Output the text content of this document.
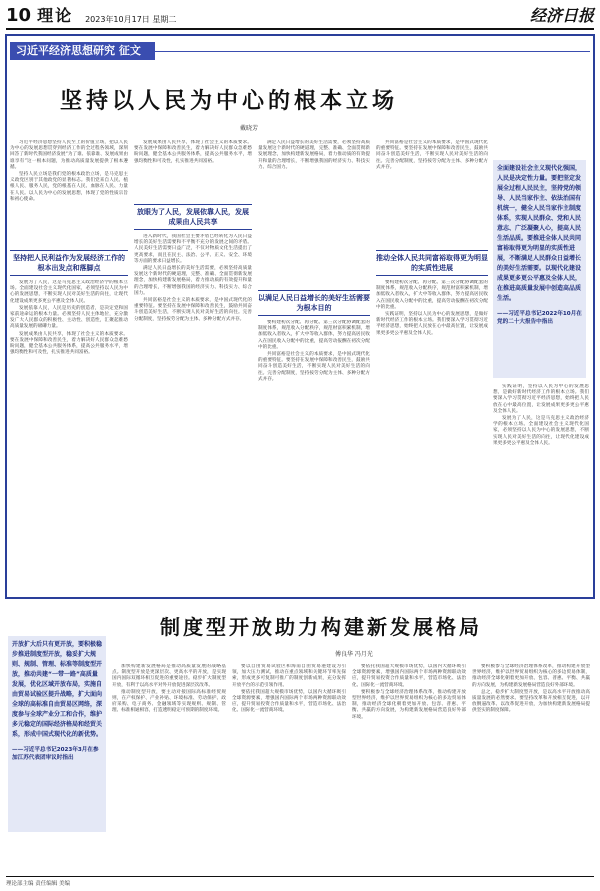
10 理论 2023年10月17日 星期二	经济日报
习近平经济思想研究 征文
坚持以人民为中心的根本立场
戴晓芳

习近平经济思想坚持人民至上的价值立场，把以人民为中心的发展思想贯穿到经济工作的全过程各领域，深刻回答了新时代我国经济发展“为了谁、依靠谁、发展成果由谁享有”这一根本问题，为推动高质量发展提供了根本遵循。

坚持人民立场是我们党的根本政治立场，是马克思主义政党区别于其他政党的显著标志。我们党来自人民、植根人民、服务人民，党的根基在人民、血脉在人民、力量在人民。以人民为中心的发展思想，体现了党的性质宗旨和初心使命。

坚持把人民利益作为发展经济工作的根本出发点和落脚点

发展为了人民，这是马克思主义政治经济学的根本立场。全面建设社会主义现代化国家，必须坚持以人民为中心的发展思想，不断实现人民对美好生活的向往，让现代化建设成果更多更公平惠及全体人民。

发展依靠人民，人民是历史的创造者，是决定党和国家前途命运的根本力量。必须坚持人民主体地位，充分激发广大人民群众的积极性、主动性、创造性，汇聚起推动高质量发展的磅礴力量。

发展成果由人民共享，体现了社会主义的本质要求。要在发展中保障和改善民生，着力解决好人民群众急难愁盼问题，健全基本公共服务体系，提高公共服务水平，增强均衡性和可及性，扎实推进共同富裕。

发展成果由人民共享，体现了社会主义的本质要求。要在发展中保障和改善民生，着力解决好人民群众急难愁盼问题，健全基本公共服务体系，提高公共服务水平，增强均衡性和可及性，扎实推进共同富裕。

放眼为了人民，发展依靠人民，发展成果由人民共享

进入新时代，我国社会主要矛盾已经转化为人民日益增长的美好生活需要和不平衡不充分的发展之间的矛盾。人民美好生活需要日益广泛，不仅对物质文化生活提出了更高要求，而且在民主、法治、公平、正义、安全、环境等方面的要求日益增长。

满足人民日益增长的美好生活需要，必须坚持高质量发展这个新时代的硬道理，完整、准确、全面贯彻新发展理念，加快构建新发展格局，着力推动质的有效提升和量的合理增长，不断增强我国的经济实力、科技实力、综合国力。

共同富裕是社会主义的本质要求，是中国式现代化的重要特征。要坚持在发展中保障和改善民生，鼓励共同奋斗创造美好生活，不断实现人民对美好生活的向往。完善分配制度，坚持按劳分配为主体、多种分配方式并存。

满足人民日益增长的美好生活需要，必须坚持高质量发展这个新时代的硬道理，完整、准确、全面贯彻新发展理念，加快构建新发展格局，着力推动质的有效提升和量的合理增长，不断增强我国的经济实力、科技实力、综合国力。

以满足人民日益增长的美好生活需要为根本目的

要构建初次分配、再分配、第三次分配协调配套的制度体系，规范收入分配秩序，规范财富积累机制，增加低收入者收入，扩大中等收入群体，努力提高居民收入在国民收入分配中的比重，提高劳动报酬在初次分配中的比重。

共同富裕是社会主义的本质要求，是中国式现代化的重要特征。要坚持在发展中保障和改善民生，鼓励共同奋斗创造美好生活，不断实现人民对美好生活的向往。完善分配制度，坚持按劳分配为主体、多种分配方式并存。

共同富裕是社会主义的本质要求，是中国式现代化的重要特征。要坚持在发展中保障和改善民生，鼓励共同奋斗创造美好生活，不断实现人民对美好生活的向往。完善分配制度，坚持按劳分配为主体、多种分配方式并存。

推动全体人民共同富裕取得更为明显的实质性进展

要构建初次分配、再分配、第三次分配协调配套的制度体系，规范收入分配秩序，规范财富积累机制，增加低收入者收入，扩大中等收入群体，努力提高居民收入在国民收入分配中的比重，提高劳动报酬在初次分配中的比重。

实践证明，坚持以人民为中心的发展思想，是做好新时代经济工作的根本立场。我们要深入学习贯彻习近平经济思想，始终把人民放在心中最高位置，让发展成果更多更公平惠及全体人民。

全面建设社会主义现代化强国，人民是决定性力量。要把坚定发展全过程人民民主，坚持党的领导、人民当家作主、依法治国有机统一，健全人民当家作主制度体系，实现人民群众、党和人民意志、广泛凝聚人心，提高人民生活品质。要推进全体人民共同富裕取得更为明显的实质性进展，不断满足人民群众日益增长的美好生活需要。以现代化建设成果更多更公平惠及全体人民，在推进高质量发展中创造高品质生活。
——习近平总书记2022年10月在党的二十大报告中指出

实践证明，坚持以人民为中心的发展思想，是做好新时代经济工作的根本立场。我们要深入学习贯彻习近平经济思想，始终把人民放在心中最高位置，让发展成果更多更公平惠及全体人民。

发展为了人民，这是马克思主义政治经济学的根本立场。全面建设社会主义现代化国家，必须坚持以人民为中心的发展思想，不断实现人民对美好生活的向往，让现代化建设成果更多更公平惠及全体人民。

制度型开放助力构建新发展格局
傅良华 冯月光
开放扩大后只有更开放，要积极稳步推进制度型开放，稳妥扩大规则、规制、管理、标准等制度型开放，推动共建“一带一路”高质量发展，优化区域开放布局，实施自由贸易试验区提升战略，扩大面向全球的高标准自由贸易区网络，深度参与全球产业分工和合作，维护多元稳定的国际经济格局和经贸关系，形成中国式现代化的新优势。
——习近平总书记2023年3月在参加江苏代表团审议时指出

加快构建新发展格局是推动高质量发展的战略基点。制度型开放是更深层次、更高水平的开放，是实现国内国际双循环相互促进的重要途径。稳步扩大制度型开放，有利于以高水平对外开放促进深层次改革。

推动制度型开放，要主动对接国际高标准经贸规则，在产权保护、产业补贴、环境标准、劳动保护、政府采购、电子商务、金融领域等实现规则、规制、管理、标准相通相容，打造透明稳定可预期的制度环境。

要以自由贸易试验区和海南自由贸易港建设为引领，加大压力测试，推动在重点领域和关键环节率先探索，形成更多可复制可推广的制度创新成果，充分发挥开放平台的示范引领作用。

要依托我国超大规模市场优势，以国内大循环吸引全球资源要素，增强国内国际两个市场两种资源联动效应，提升贸易投资合作质量和水平，营造市场化、法治化、国际化一流营商环境。

要依托我国超大规模市场优势，以国内大循环吸引全球资源要素，增强国内国际两个市场两种资源联动效应，提升贸易投资合作质量和水平，营造市场化、法治化、国际化一流营商环境。

要积极参与全球经济治理体系改革，推动构建开放型世界经济，维护以世界贸易组织为核心的多边贸易体制，推动经济全球化朝着更加开放、包容、普惠、平衡、共赢的方向发展，为构建新发展格局营造良好外部环境。

要积极参与全球经济治理体系改革，推动构建开放型世界经济，维护以世界贸易组织为核心的多边贸易体制，推动经济全球化朝着更加开放、包容、普惠、平衡、共赢的方向发展，为构建新发展格局营造良好外部环境。

总之，稳步扩大制度型开放，是以高水平开放推动高质量发展的必然要求。要坚持改革和开放相互促进，以开放倒逼改革、以改革促进开放，为加快构建新发展格局提供坚实的制度保障。

理论部主编 责任编辑 美编
